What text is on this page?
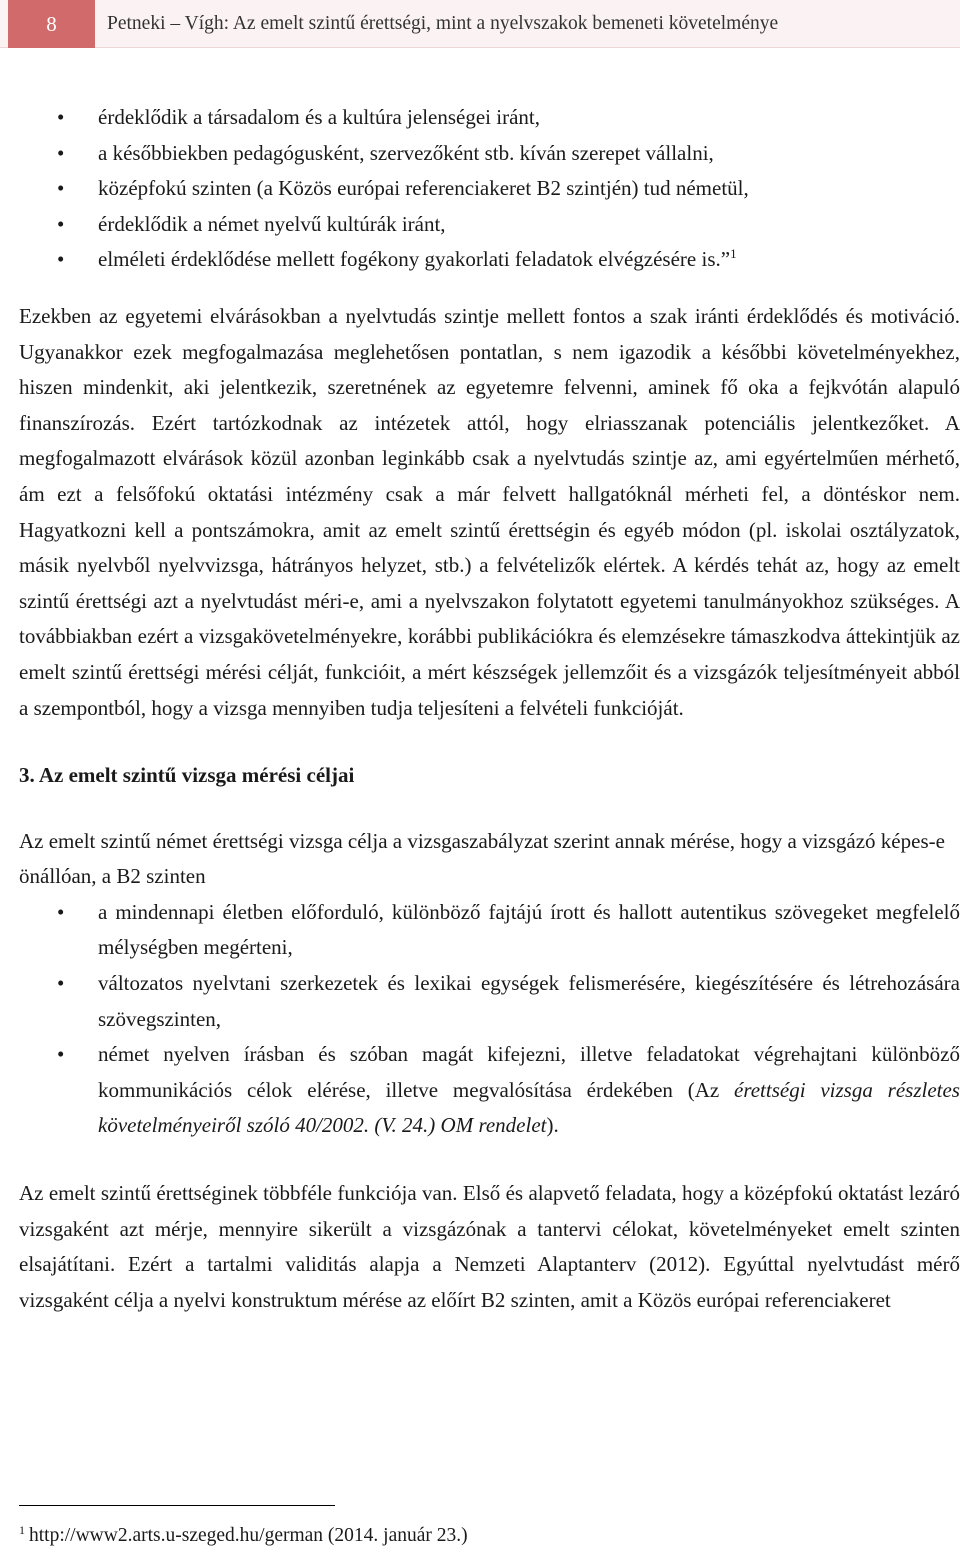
Petneki – Vígh: Az emelt szintű érettségi, mint a nyelvszakok bemeneti követelménye
8
• érdeklődik a társadalom és a kultúra jelenségei iránt,
• a későbbiekben pedagógusként, szervezőként stb. kíván szerepet vállalni,
• középfokú szinten (a Közös európai referenciakeret B2 szintjén) tud németül,
• érdeklődik a német nyelvű kultúrák iránt,
• elméleti érdeklődése mellett fogékony gyakorlati feladatok elvégzésére is.”$^1$

Ezekben az egyetemi elvárásokban a nyelvtudás szintje mellett fontos a szak iránti érdeklődés és motiváció. Ugyanakkor ezek megfogalmazása meglehetősen pontatlan, s nem igazodik a későbbi követelményekhez, hiszen mindenkit, aki jelentkezik, szeretnének az egyetemre felvenni, aminek fő oka a fejkvótán alapuló finanszírozás. Ezért tartózkodnak az intézetek attól, hogy elriasszanak potenciális jelentkezőket. A megfogalmazott elvárások közül azonban leginkább csak a nyelvtudás szintje az, ami egyértelműen mérhető, ám ezt a felsőfokú oktatási intézmény csak a már felvett hallgatóknál mérheti fel, a döntéskor nem. Hagyatkozni kell a pontszámokra, amit az emelt szintű érettségin és egyéb módon (pl. iskolai osztályzatok, másik nyelvből nyelvvizsga, hátrányos helyzet, stb.) a felvételizők elértek. A kérdés tehát az, hogy az emelt szintű érettségi azt a nyelvtudást méri-e, ami a nyelvszakon folytatott egyetemi tanulmányokhoz szükséges. A továbbiakban ezért a vizsgakövetelményekre, korábbi publikációkra és elemzésekre támaszkodva áttekintjük az emelt szintű érettségi mérési célját, funkcióit, a mért készségek jellemzőit és a vizsgázók teljesítményeit abból a szempontból, hogy a vizsga mennyiben tudja teljesíteni a felvételi funkcióját.

3. Az emelt szintű vizsga mérési céljai

Az emelt szintű német érettségi vizsga célja a vizsgaszabályzat szerint annak mérése, hogy a vizsgázó képes-e önállóan, a B2 szinten

• a mindennapi életben előforduló, különböző fajtájú írott és hallott autentikus szövegeket megfelelő mélységben megérteni,
• változatos nyelvtani szerkezetek és lexikai egységek felismerésére, kiegészítésére és létrehozására szövegszinten,
• német nyelven írásban és szóban magát kifejezni, illetve feladatokat végrehajtani különböző kommunikációs célok elérése, illetve megvalósítása érdekében (Az érettségi vizsga részletes követelményeiről szóló 40/2002. (V. 24.) OM rendelet).

Az emelt szintű érettséginek többféle funkciója van. Első és alapvető feladata, hogy a középfokú oktatást lezáró vizsgaként azt mérje, mennyire sikerült a vizsgázónak a tantervi célokat, követelményeket emelt szinten elsajátítani. Ezért a tartalmi validitás alapja a Nemzeti Alaptanterv (2012). Egyúttal nyelvtudást mérő vizsgaként célja a nyelvi konstruktum mérése az előírt B2 szinten, amit a Közös európai referenciakeret

$^1$ http://www2.arts.u-szeged.hu/german (2014. január 23.)
